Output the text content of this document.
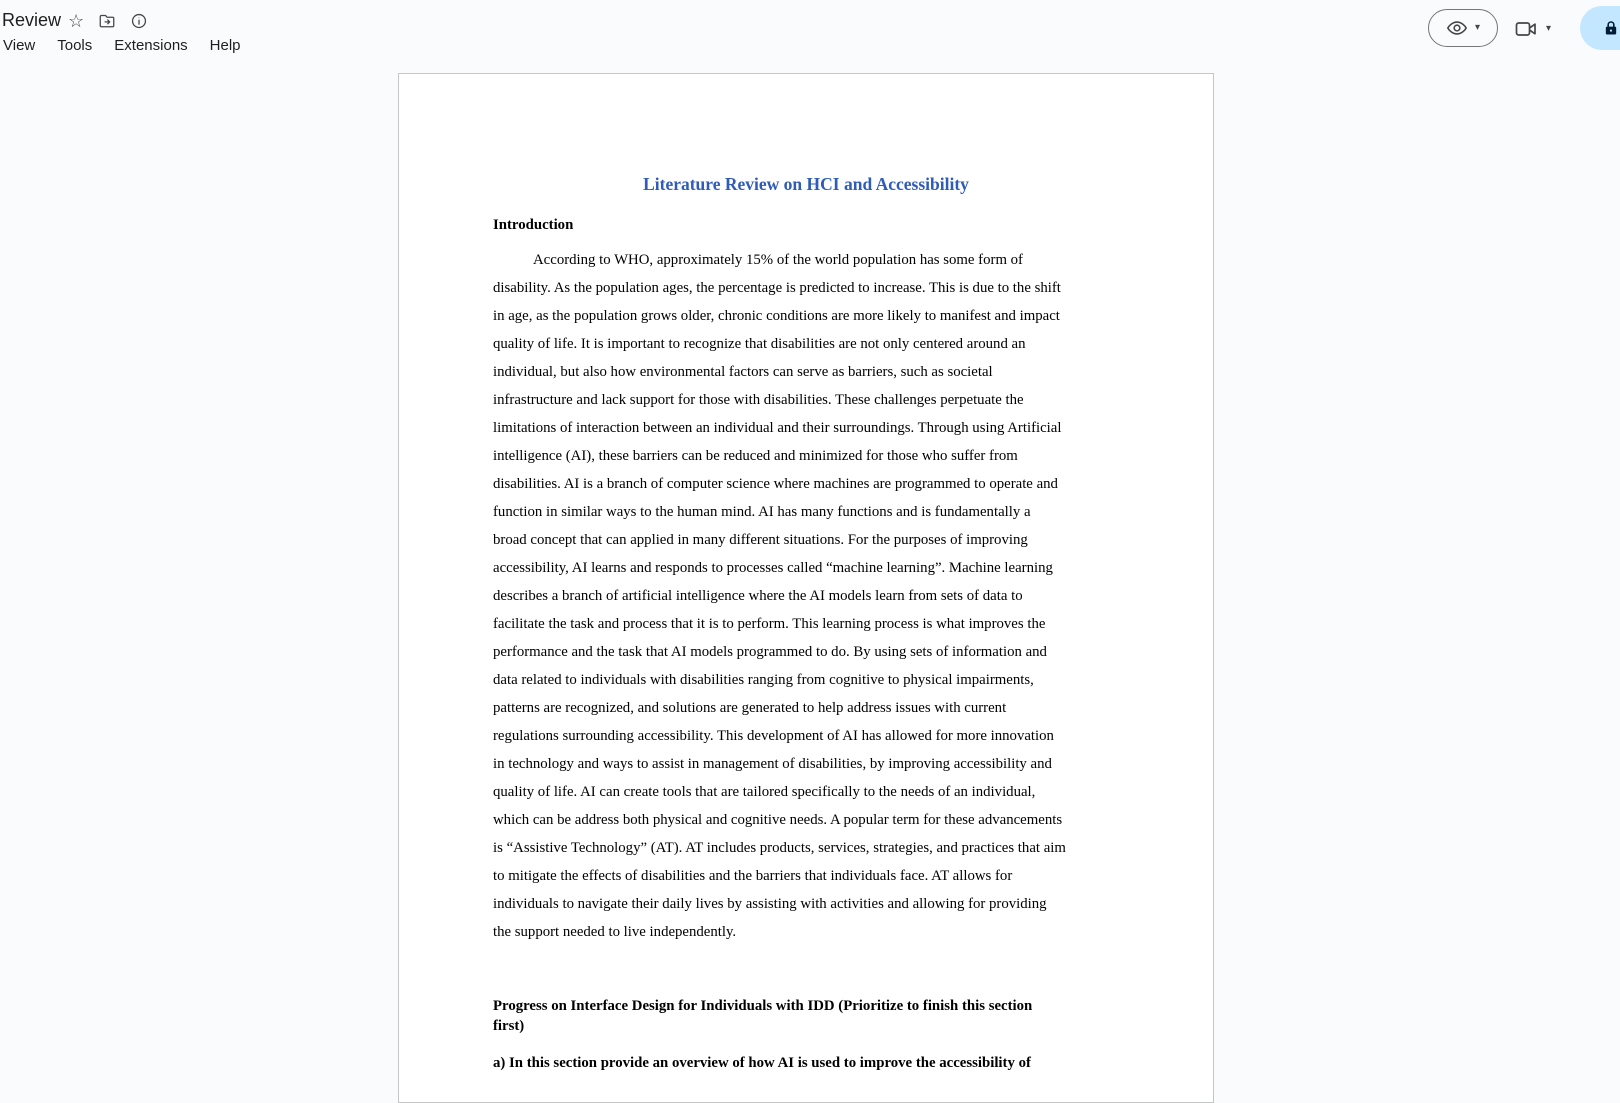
Review ☆
View	Tools	Extensions	Help
▾	▾
Literature Review on HCI and Accessibility
Introduction
According to WHO, approximately 15% of the world population has some form of
disability. As the population ages, the percentage is predicted to increase. This is due to the shift
in age, as the population grows older, chronic conditions are more likely to manifest and impact
quality of life. It is important to recognize that disabilities are not only centered around an
individual, but also how environmental factors can serve as barriers, such as societal
infrastructure and lack support for those with disabilities. These challenges perpetuate the
limitations of interaction between an individual and their surroundings. Through using Artificial
intelligence (AI), these barriers can be reduced and minimized for those who suffer from
disabilities. AI is a branch of computer science where machines are programmed to operate and
function in similar ways to the human mind. AI has many functions and is fundamentally a
broad concept that can applied in many different situations. For the purposes of improving
accessibility, AI learns and responds to processes called “machine learning”. Machine learning
describes a branch of artificial intelligence where the AI models learn from sets of data to
facilitate the task and process that it is to perform. This learning process is what improves the
performance and the task that AI models programmed to do. By using sets of information and
data related to individuals with disabilities ranging from cognitive to physical impairments,
patterns are recognized, and solutions are generated to help address issues with current
regulations surrounding accessibility. This development of AI has allowed for more innovation
in technology and ways to assist in management of disabilities, by improving accessibility and
quality of life. AI can create tools that are tailored specifically to the needs of an individual,
which can be address both physical and cognitive needs. A popular term for these advancements
is “Assistive Technology” (AT). AT includes products, services, strategies, and practices that aim
to mitigate the effects of disabilities and the barriers that individuals face. AT allows for
individuals to navigate their daily lives by assisting with activities and allowing for providing
the support needed to live independently.
Progress on Interface Design for Individuals with IDD (Prioritize to finish this section
first)
a) In this section provide an overview of how AI is used to improve the accessibility of
